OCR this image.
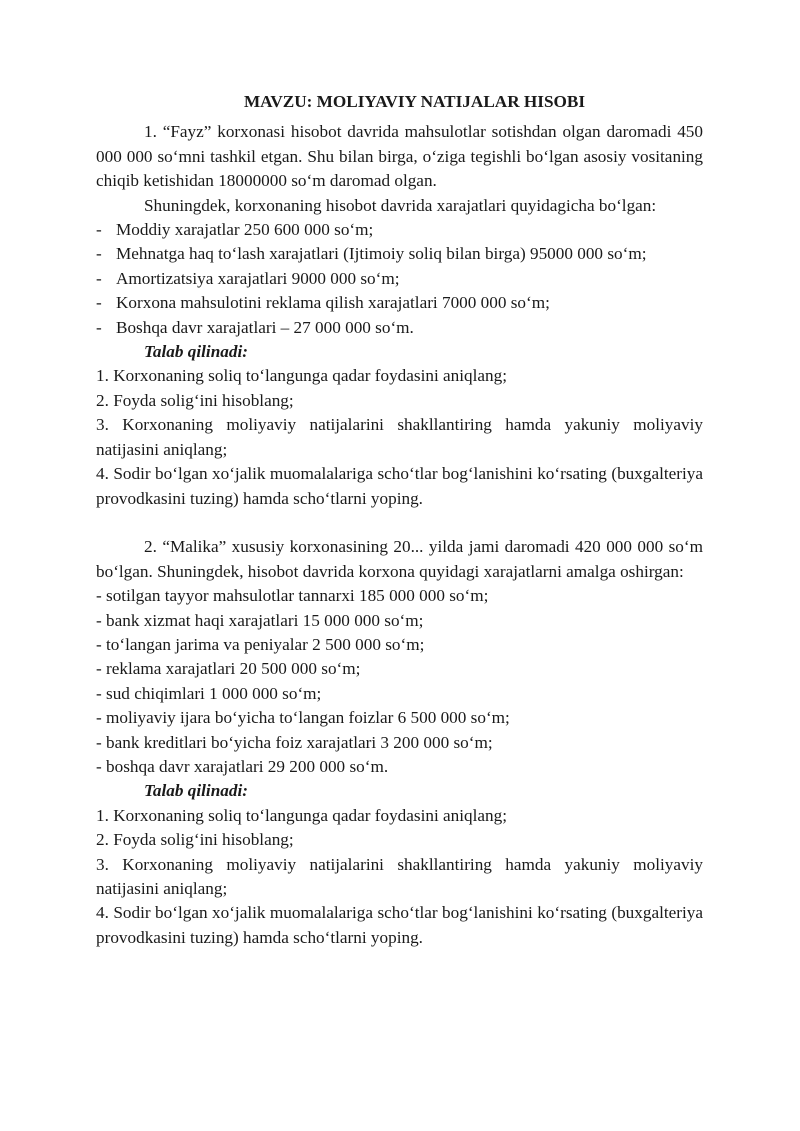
MAVZU: MOLIYAVIY NATIJALAR HISOBI

1. “Fayz” korxonasi hisobot davrida mahsulotlar sotishdan olgan daromadi 450 000 000 so‘mni tashkil etgan. Shu bilan birga, o‘ziga tegishli bo‘lgan asosiy vositaning chiqib ketishidan 18000000 so‘m daromad olgan.

Shuningdek, korxonaning hisobot davrida xarajatlari quyidagicha bo‘lgan:

- Moddiy xarajatlar 250 600 000 so‘m;
- Mehnatga haq to‘lash xarajatlari (Ijtimoiy soliq bilan birga) 95000 000 so‘m;
- Amortizatsiya xarajatlari 9000 000 so‘m;
- Korxona mahsulotini reklama qilish xarajatlari 7000 000 so‘m;
- Boshqa davr xarajatlari – 27 000 000 so‘m.

Talab qilinadi:

1. Korxonaning soliq to‘langunga qadar foydasini aniqlang;
2. Foyda solig‘ini hisoblang;
3. Korxonaning moliyaviy natijalarini shakllantiring hamda yakuniy moliyaviy natijasini aniqlang;
4. Sodir bo‘lgan xo‘jalik muomalalariga scho‘tlar bog‘lanishini ko‘rsating (buxgalteriya provodkasini tuzing) hamda scho‘tlarni yoping.

2. “Malika” xususiy korxonasining 20... yilda jami daromadi 420 000 000 so‘m bo‘lgan. Shuningdek, hisobot davrida korxona quyidagi xarajatlarni amalga oshirgan:

- sotilgan tayyor mahsulotlar tannarxi 185 000 000 so‘m;
- bank xizmat haqi xarajatlari 15 000 000 so‘m;
- to‘langan jarima va peniyalar 2 500 000 so‘m;
- reklama xarajatlari 20 500 000 so‘m;
- sud chiqimlari 1 000 000 so‘m;
- moliyaviy ijara bo‘yicha to‘langan foizlar 6 500 000 so‘m;
- bank kreditlari bo‘yicha foiz xarajatlari 3 200 000 so‘m;
- boshqa davr xarajatlari 29 200 000 so‘m.

Talab qilinadi:

1. Korxonaning soliq to‘langunga qadar foydasini aniqlang;
2. Foyda solig‘ini hisoblang;
3. Korxonaning moliyaviy natijalarini shakllantiring hamda yakuniy moliyaviy natijasini aniqlang;
4. Sodir bo‘lgan xo‘jalik muomalalariga scho‘tlar bog‘lanishini ko‘rsating (buxgalteriya provodkasini tuzing) hamda scho‘tlarni yoping.
